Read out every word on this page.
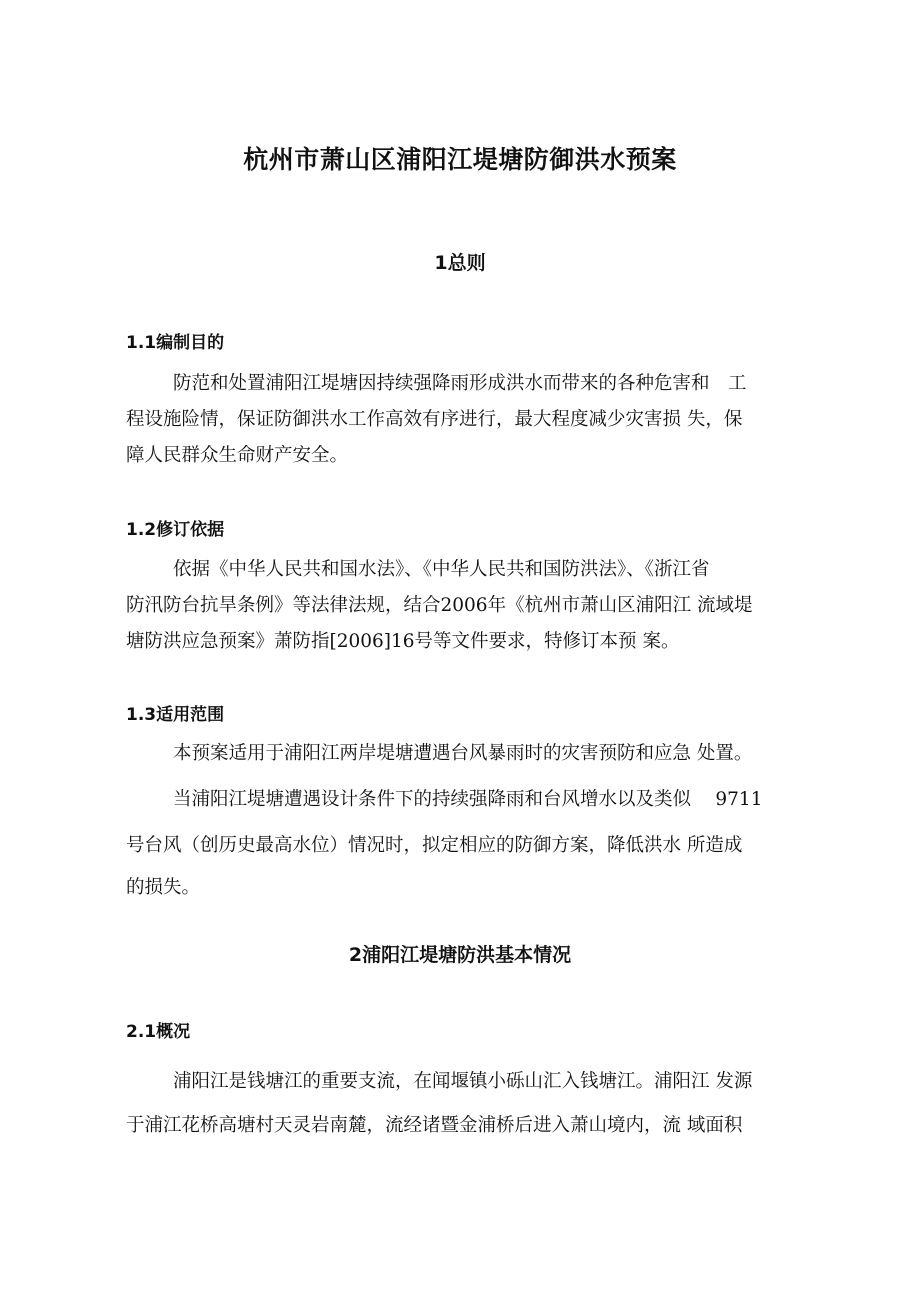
杭州市萧山区浦阳江堤塘防御洪水预案
1总则
1.1编制目的
防范和处置浦阳江堤塘因持续强降雨形成洪水而带来的各种危害和　工
程设施险情，保证防御洪水工作高效有序进行，最大程度减少灾害损 失，保
障人民群众生命财产安全。
1.2修订依据
依据《中华人民共和国水法》、《中华人民共和国防洪法》、《浙江省
防汛防台抗旱条例》等法律法规，结合2006年《杭州市萧山区浦阳江 流域堤
塘防洪应急预案》萧防指[2006]16号等文件要求，特修订本预 案。
1.3适用范围
本预案适用于浦阳江两岸堤塘遭遇台风暴雨时的灾害预防和应急 处置。
当浦阳江堤塘遭遇设计条件下的持续强降雨和台风增水以及类似　 9711
号台风（创历史最高水位）情况时，拟定相应的防御方案，降低洪水 所造成
的损失。
2浦阳江堤塘防洪基本情况
2.1概况
浦阳江是钱塘江的重要支流，在闻堰镇小砾山汇入钱塘江。浦阳江 发源
于浦江花桥高塘村天灵岩南麓，流经诸暨金浦桥后进入萧山境内，流 域面积
